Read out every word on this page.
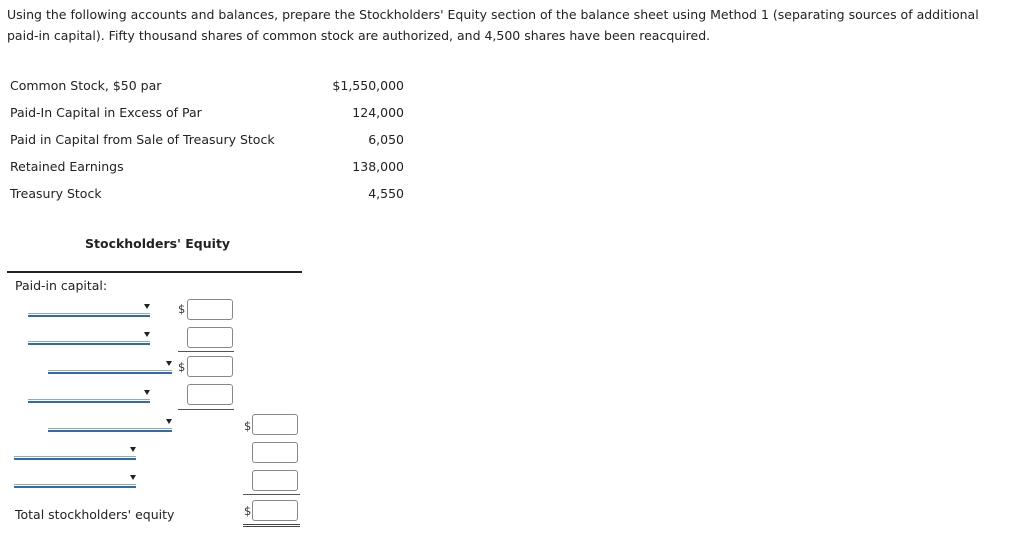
Using the following accounts and balances, prepare the Stockholders' Equity section of the balance sheet using Method 1 (separating sources of additional paid-in capital). Fifty thousand shares of common stock are authorized, and 4,500 shares have been reacquired.
Common Stock, $50 par	$1,550,000
Paid-In Capital in Excess of Par	124,000
Paid in Capital from Sale of Treasury Stock	6,050
Retained Earnings	138,000
Treasury Stock	4,550
Stockholders' Equity
Paid-in capital:
$
$
$
Total stockholders' equity	$
